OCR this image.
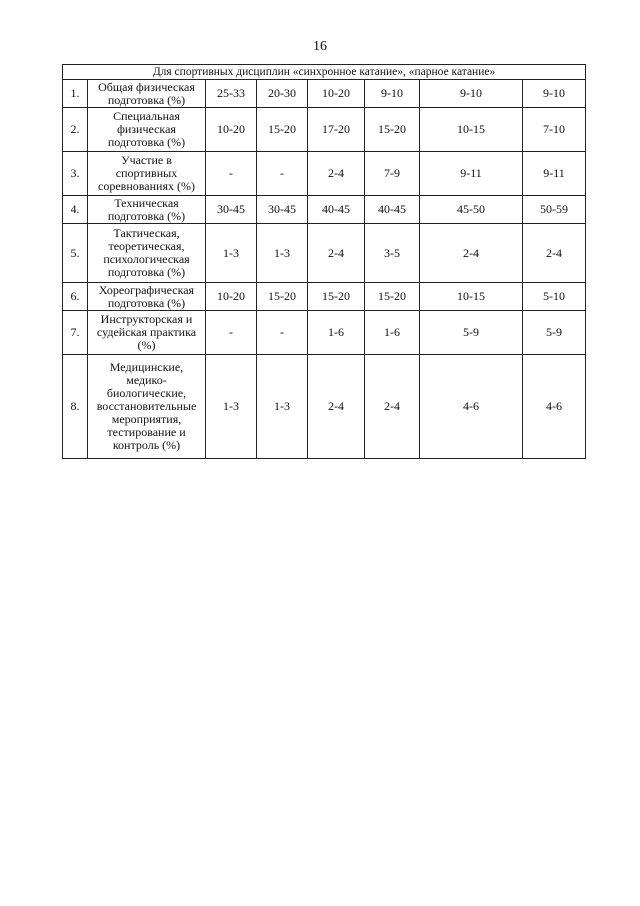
16
Для спортивных дисциплин «синхронное катание», «парное катание»							
1.	Общая физическая подготовка (%)	25-33	20-30	10-20	9-10	9-10	9-10
2.	Специальная физическая подготовка (%)	10-20	15-20	17-20	15-20	10-15	7-10
3.	Участие в спортивных соревнованиях (%)	-	-	2-4	7-9	9-11	9-11
4.	Техническая подготовка (%)	30-45	30-45	40-45	40-45	45-50	50-59
5.	Тактическая, теоретическая, психологическая подготовка (%)	1-3	1-3	2-4	3-5	2-4	2-4
6.	Хореографическая подготовка (%)	10-20	15-20	15-20	15-20	10-15	5-10
7.	Инструкторская и судейская практика (%)	-	-	1-6	1-6	5-9	5-9
8.	Медицинские, медико-биологические, восстановительные мероприятия, тестирование и контроль (%)	1-3	1-3	2-4	2-4	4-6	4-6
